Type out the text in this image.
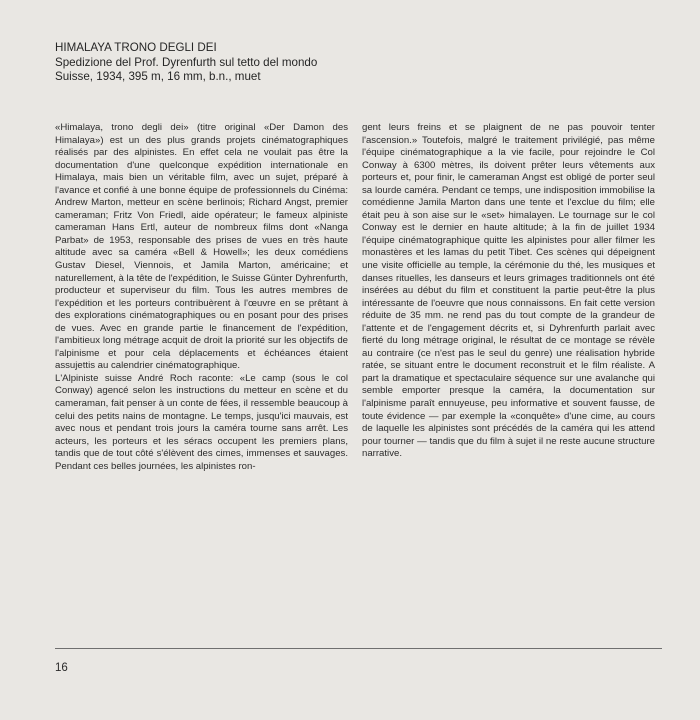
HIMALAYA TRONO DEGLI DEI
Spedizione del Prof. Dyrenfurth sul tetto del mondo
Suisse, 1934, 395 m, 16 mm, b.n., muet

«Himalaya, trono degli dei» (titre original «Der Damon des Himalaya») est un des plus grands projets cinématographiques réalisés par des alpinistes. En effet cela ne voulait pas être la documentation d'une quelconque expédition internationale en Himalaya, mais bien un véritable film, avec un sujet, préparé à l'avance et confié à une bonne équipe de professionnels du Cinéma: Andrew Marton, metteur en scène berlinois; Richard Angst, premier cameraman; Fritz Von Friedl, aide opérateur; le fameux alpiniste cameraman Hans Ertl, auteur de nombreux films dont «Nanga Parbat» de 1953, responsable des prises de vues en très haute altitude avec sa caméra «Bell & Howell»; les deux comédiens Gustav Diesel, Viennois, et Jamila Marton, américaine; et naturellement, à la tête de l'expédition, le Suisse Günter Dyhrenfurth, producteur et superviseur du film. Tous les autres membres de l'expédition et les porteurs contribuèrent à l'œuvre en se prêtant à des explorations cinématographiques ou en posant pour des prises de vues. Avec en grande partie le financement de l'expédition, l'ambitieux long métrage acquit de droit la priorité sur les objectifs de l'alpinisme et pour cela déplacements et échéances étaient assujettis au calendrier cinématographique.

L'Alpiniste suisse André Roch raconte: «Le camp (sous le col Conway) agencé selon les instructions du metteur en scène et du cameraman, fait penser à un conte de fées, il ressemble beaucoup à celui des petits nains de montagne. Le temps, jusqu'ici mauvais, est avec nous et pendant trois jours la caméra tourne sans arrêt. Les acteurs, les porteurs et les séracs occupent les premiers plans, tandis que de tout côté s'élèvent des cimes, immenses et sauvages. Pendant ces belles journées, les alpinistes ron-

gent leurs freins et se plaignent de ne pas pouvoir tenter l'ascension.» Toutefois, malgré le traitement privilégié, pas même l'équipe cinématographique a la vie facile, pour rejoindre le Col Conway à 6300 mètres, ils doivent prêter leurs vêtements aux porteurs et, pour finir, le cameraman Angst est obligé de porter seul sa lourde caméra. Pendant ce temps, une indisposition immobilise la comédienne Jamila Marton dans une tente et l'exclue du film; elle était peu à son aise sur le «set» himalayen. Le tournage sur le col Conway est le dernier en haute altitude; à la fin de juillet 1934 l'équipe cinématographique quitte les alpinistes pour aller filmer les monastères et les lamas du petit Tibet. Ces scènes qui dépeignent une visite officielle au temple, la cérémonie du thé, les musiques et danses rituelles, les danseurs et leurs grimages traditionnels ont été insérées au début du film et constituent la partie peut-être la plus intéressante de l'oeuvre que nous connaissons. En fait cette version réduite de 35 mm. ne rend pas du tout compte de la grandeur de l'attente et de l'engagement décrits et, si Dyhrenfurth parlait avec fierté du long métrage original, le résultat de ce montage se révèle au contraire (ce n'est pas le seul du genre) une réalisation hybride ratée, se situant entre le document reconstruit et le film réaliste. A part la dramatique et spectaculaire séquence sur une avalanche qui semble emporter presque la caméra, la documentation sur l'alpinisme paraît ennuyeuse, peu informative et souvent fausse, de toute évidence — par exemple la «conquête» d'une cime, au cours de laquelle les alpinistes sont précédés de la caméra qui les attend pour tourner — tandis que du film à sujet il ne reste aucune structure narrative.

16
